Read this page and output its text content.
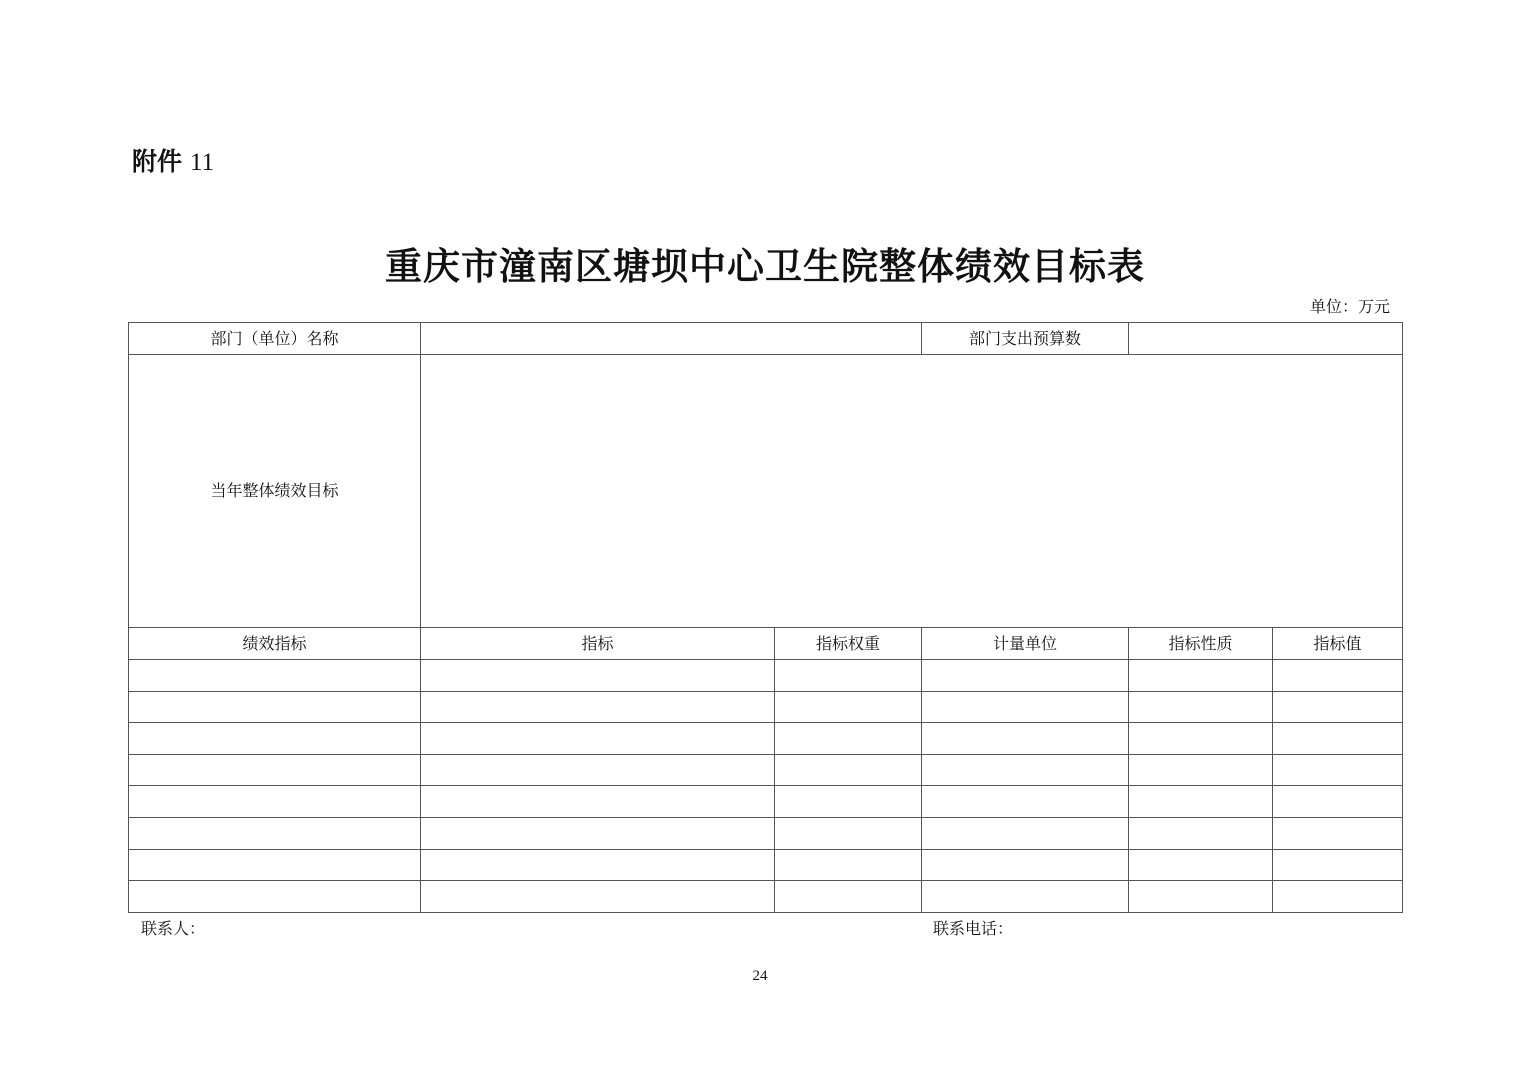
附件 11
重庆市潼南区塘坝中心卫生院整体绩效目标表
单位：万元
部门（单位）名称			部门支出预算数		
当年整体绩效目标					
绩效指标	指标	指标权重	计量单位	指标性质	指标值

联系人：	联系电话：
24
